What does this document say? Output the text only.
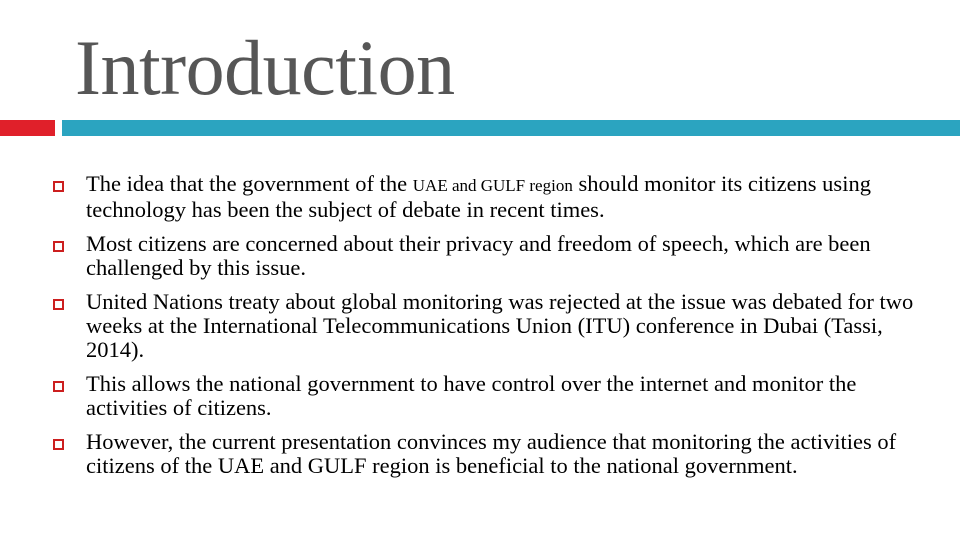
Introduction
The idea that the government of the UAE and GULF region should monitor its citizens using technology has been the subject of debate in recent times.
Most citizens are concerned about their privacy and freedom of speech, which are been challenged by this issue.
United Nations treaty about global monitoring was rejected at the issue was debated for two weeks at the International Telecommunications Union (ITU) conference in Dubai (Tassi, 2014).
This allows the national government to have control over the internet and monitor the activities of citizens.
However, the current presentation convinces my audience that monitoring the activities of citizens of the UAE and GULF region is beneficial to the national government.
